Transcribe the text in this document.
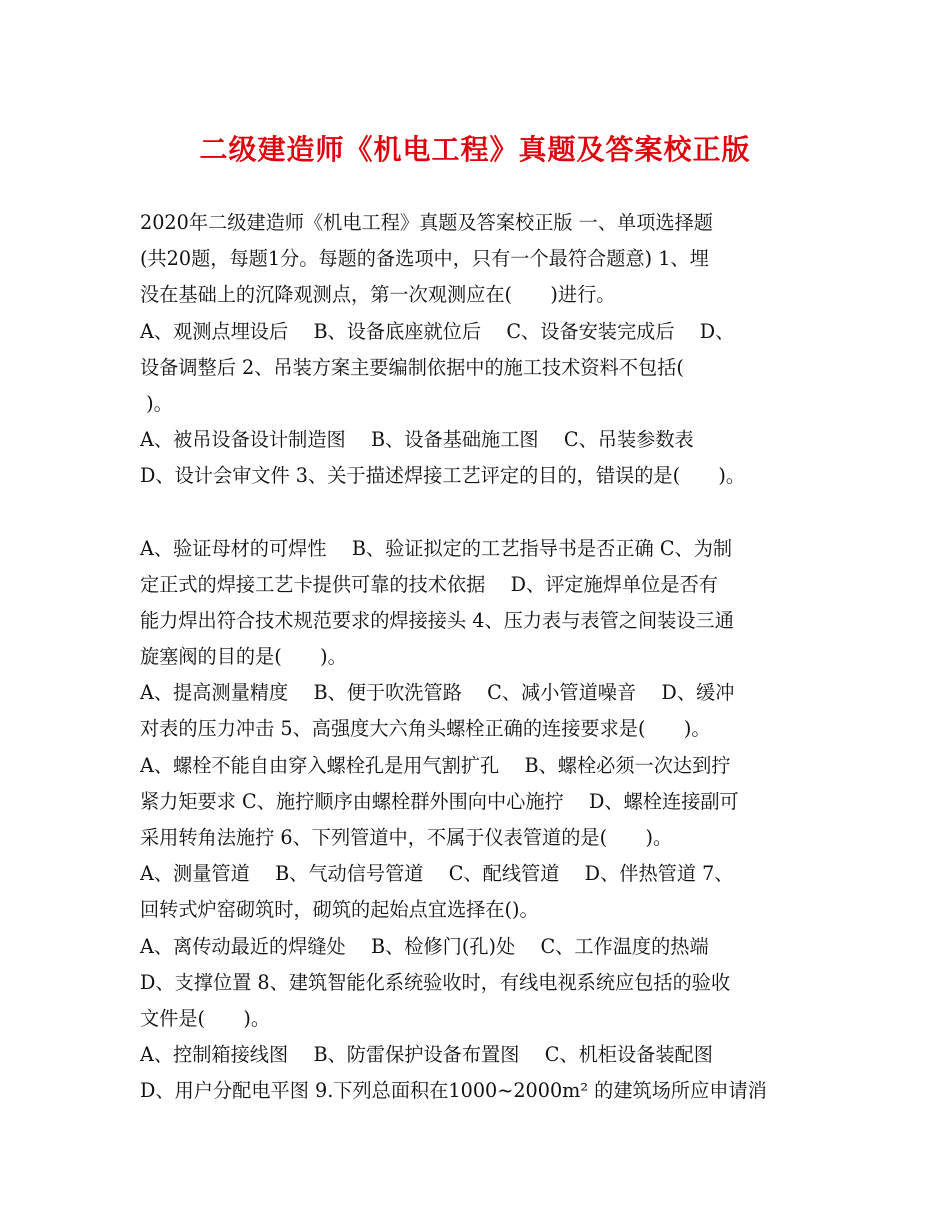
二级建造师《机电工程》真题及答案校正版
2020年二级建造师《机电工程》真题及答案校正版 一、单项选择题
(共20题，每题1分。每题的备选项中，只有一个最符合题意) 1、埋
没在基础上的沉降观测点，第一次观测应在(　　)进行。
A、观测点埋设后　 B、设备底座就位后　 C、设备安装完成后　 D、
设备调整后 2、吊装方案主要编制依据中的施工技术资料不包括(
)。
A、被吊设备设计制造图　 B、设备基础施工图　 C、吊装参数表
D、设计会审文件 3、关于描述焊接工艺评定的目的，错误的是(　　)。
A、验证母材的可焊性　 B、验证拟定的工艺指导书是否正确 C、为制
定正式的焊接工艺卡提供可靠的技术依据　 D、评定施焊单位是否有
能力焊出符合技术规范要求的焊接接头 4、压力表与表管之间装设三通
旋塞阀的目的是(　　)。
A、提高测量精度　 B、便于吹洗管路　 C、减小管道噪音　 D、缓冲
对表的压力冲击 5、高强度大六角头螺栓正确的连接要求是(　　)。
A、螺栓不能自由穿入螺栓孔是用气割扩孔　 B、螺栓必须一次达到拧
紧力矩要求 C、施拧顺序由螺栓群外围向中心施拧　 D、螺栓连接副可
采用转角法施拧 6、下列管道中，不属于仪表管道的是(　　)。
A、测量管道　 B、气动信号管道　 C、配线管道　 D、伴热管道 7、
回转式炉窑砌筑时，砌筑的起始点宜选择在()。
A、离传动最近的焊缝处　 B、检修门(孔)处　 C、工作温度的热端
D、支撑位置 8、建筑智能化系统验收时，有线电视系统应包括的验收
文件是(　　)。
A、控制箱接线图　 B、防雷保护设备布置图　 C、机柜设备装配图
D、用户分配电平图 9.下列总面积在1000~2000m² 的建筑场所应申请消
